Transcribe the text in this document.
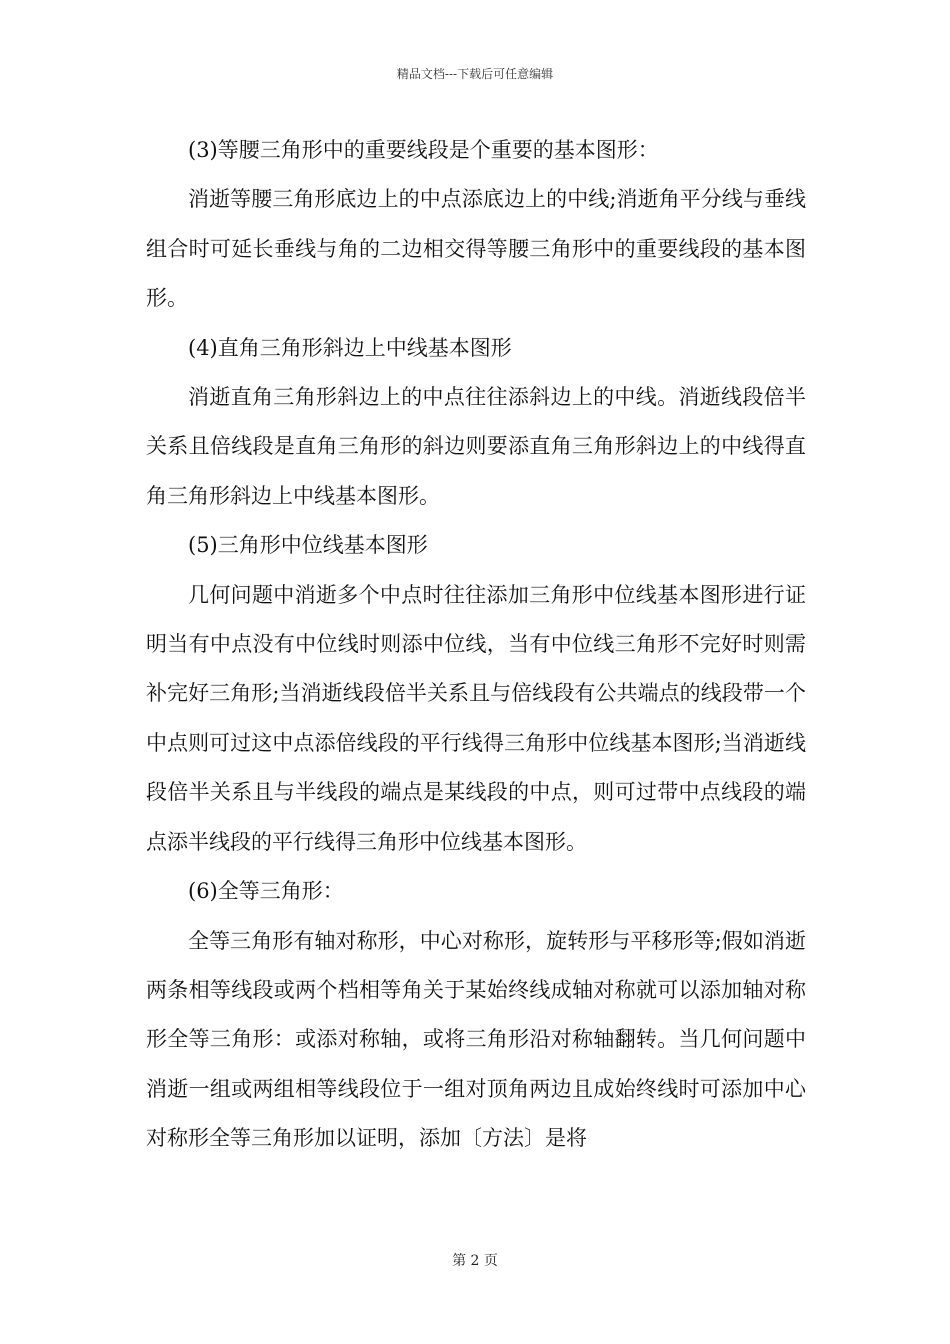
精品文档---下载后可任意编辑

(3)等腰三角形中的重要线段是个重要的基本图形：

消逝等腰三角形底边上的中点添底边上的中线;消逝角平分线与垂线组合时可延长垂线与角的二边相交得等腰三角形中的重要线段的基本图形。

(4)直角三角形斜边上中线基本图形

消逝直角三角形斜边上的中点往往添斜边上的中线。消逝线段倍半关系且倍线段是直角三角形的斜边则要添直角三角形斜边上的中线得直角三角形斜边上中线基本图形。

(5)三角形中位线基本图形

几何问题中消逝多个中点时往往添加三角形中位线基本图形进行证明当有中点没有中位线时则添中位线，当有中位线三角形不完好时则需补完好三角形;当消逝线段倍半关系且与倍线段有公共端点的线段带一个中点则可过这中点添倍线段的平行线得三角形中位线基本图形;当消逝线段倍半关系且与半线段的端点是某线段的中点，则可过带中点线段的端点添半线段的平行线得三角形中位线基本图形。

(6)全等三角形：

全等三角形有轴对称形，中心对称形，旋转形与平移形等;假如消逝两条相等线段或两个档相等角关于某始终线成轴对称就可以添加轴对称形全等三角形：或添对称轴，或将三角形沿对称轴翻转。当几何问题中消逝一组或两组相等线段位于一组对顶角两边且成始终线时可添加中心对称形全等三角形加以证明，添加〔方法〕是将

第 2 页
